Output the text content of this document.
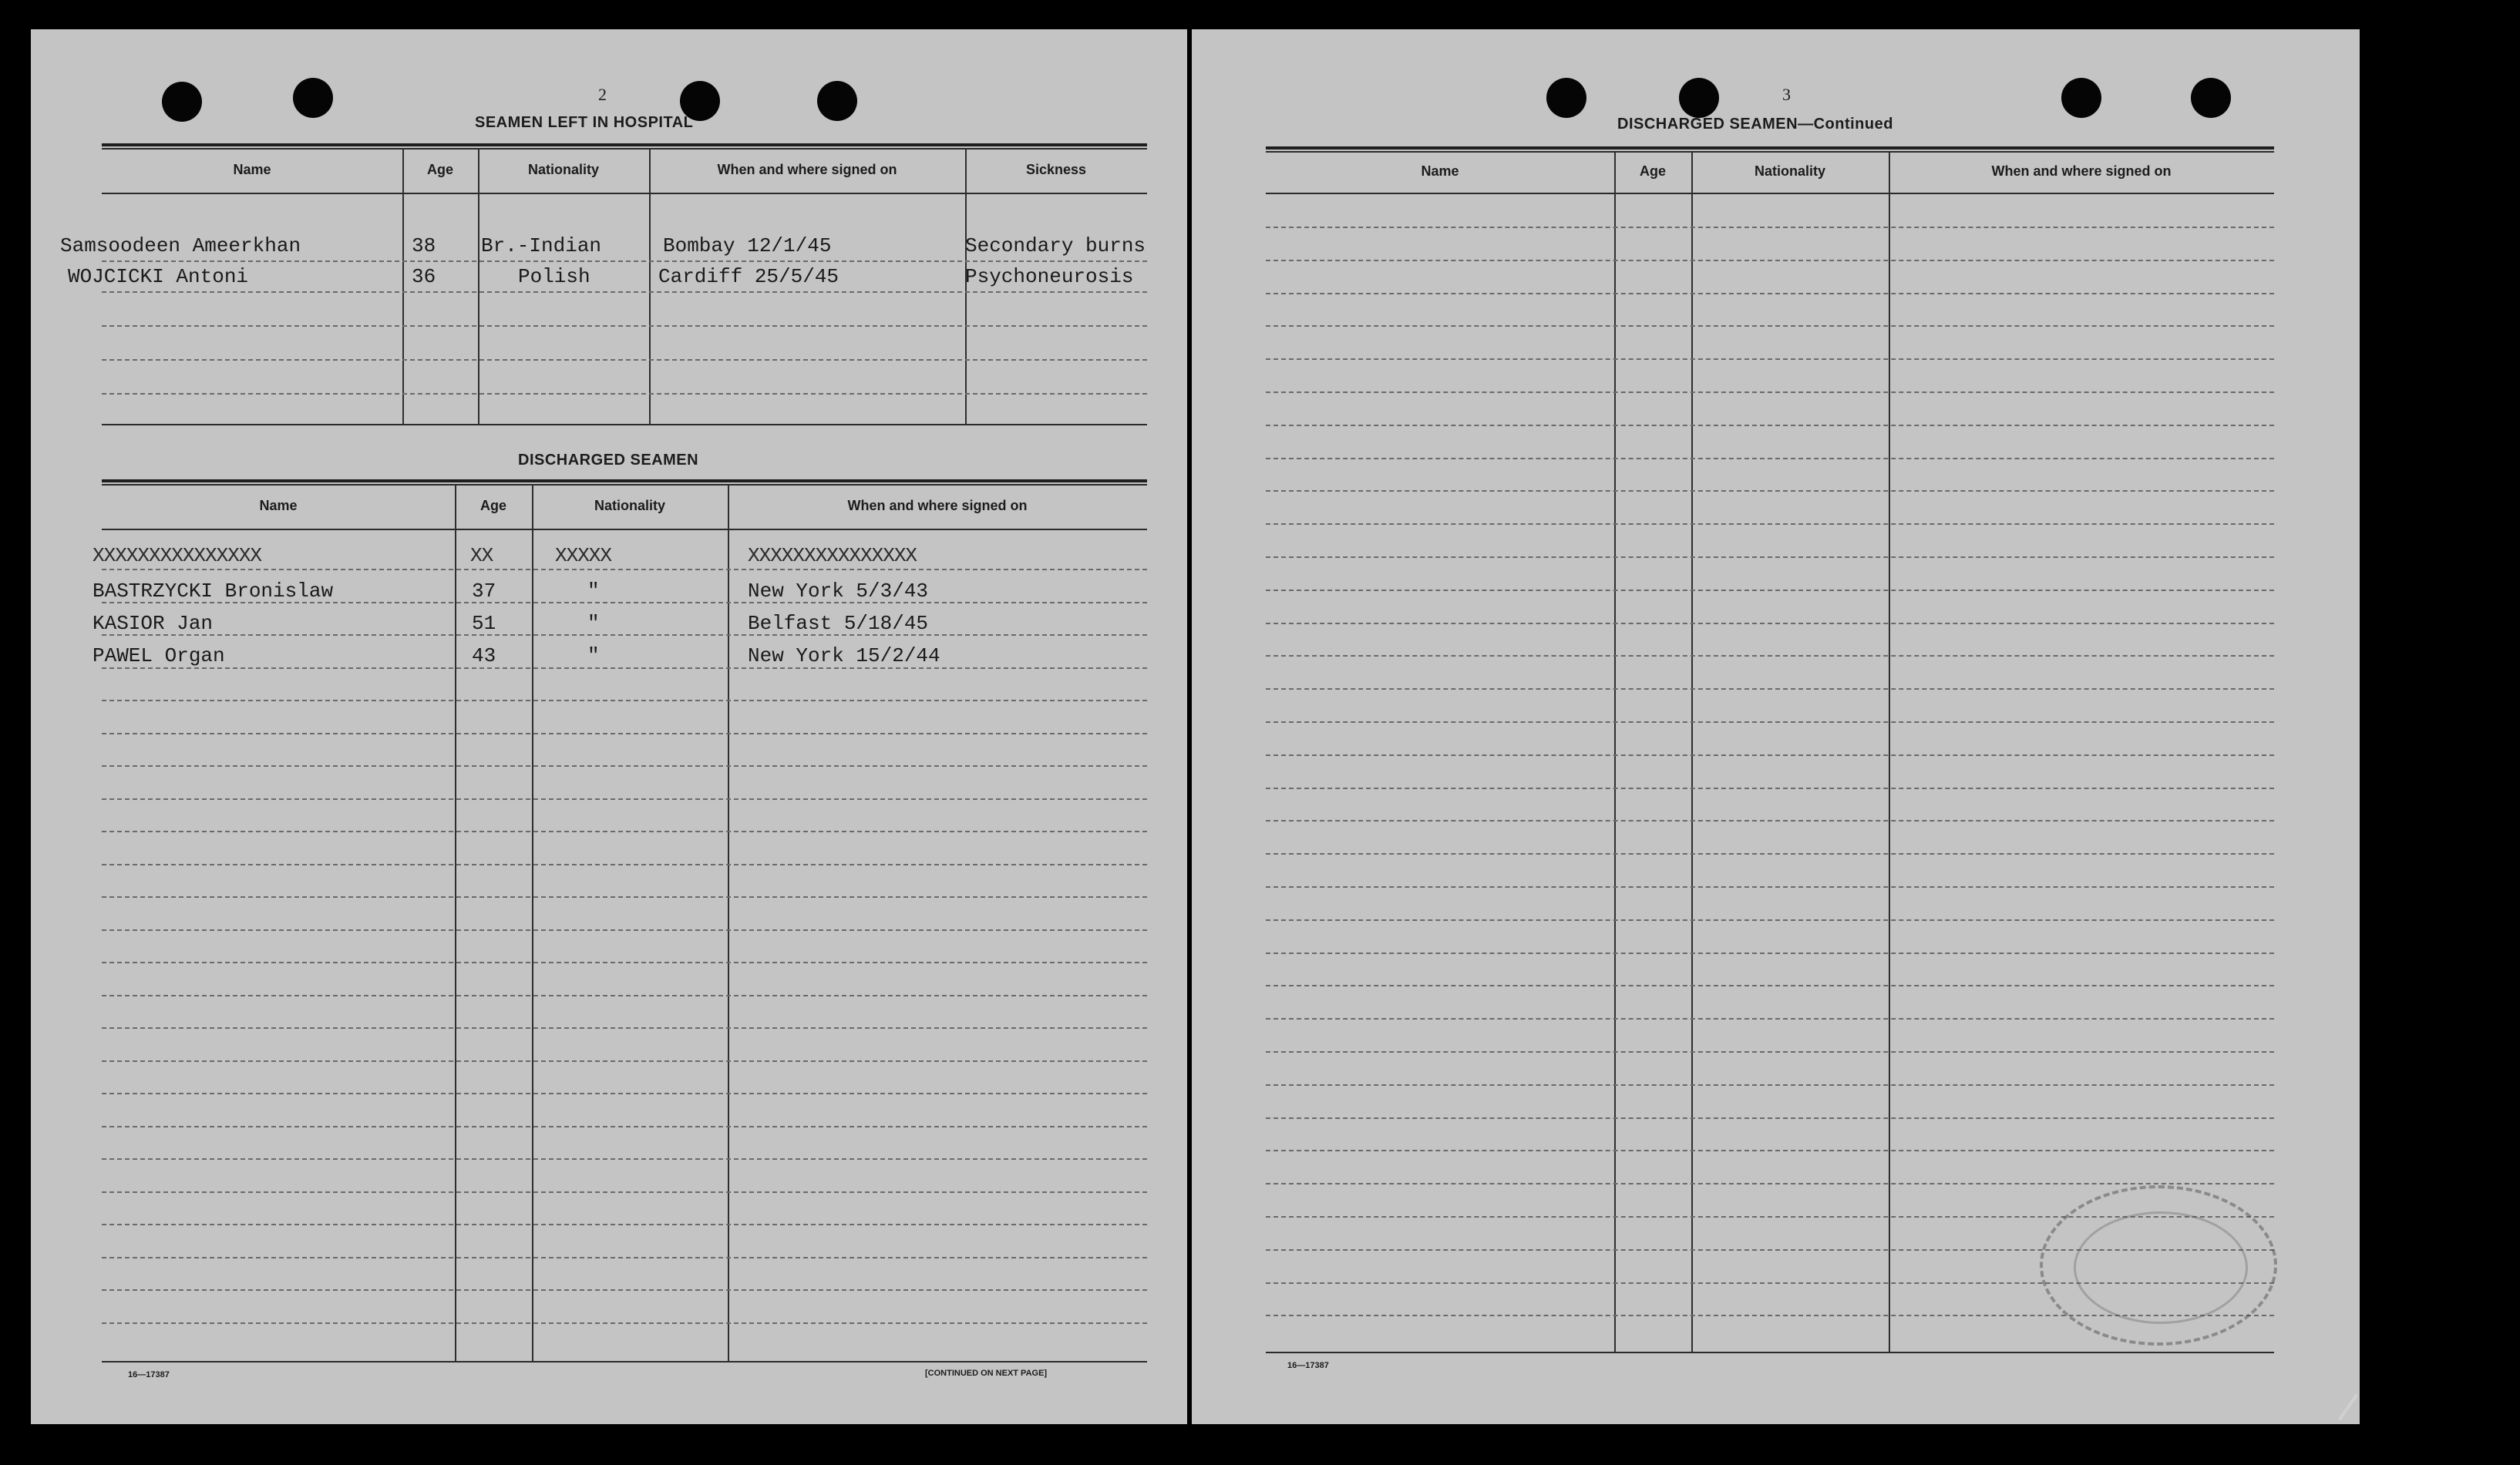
2
SEAMEN LEFT IN HOSPITAL
Name	Age	Nationality	When and where signed on	Sickness
Samsoodeen Ameerkhan	38 Br.-Indian	Bombay 12/1/45	Secondary burns
WOJCICKI Antoni	36	Polish	Cardiff 25/5/45	Psychoneurosis
DISCHARGED SEAMEN
Name	Age	Nationality	When and where signed on
XXXXXXXXXXXXXXX	XX	XXXXX	XXXXXXXXXXXXXXX
BASTRZYCKI Bronislaw	37	"	New York 5/3/43
KASIOR Jan	51	"	Belfast 5/18/45
PAWEL Organ	43	"	New York 15/2/44
16—17387	[CONTINUED ON NEXT PAGE]
3
DISCHARGED SEAMEN—Continued
Name	Age	Nationality	When and where signed on
16—17387
